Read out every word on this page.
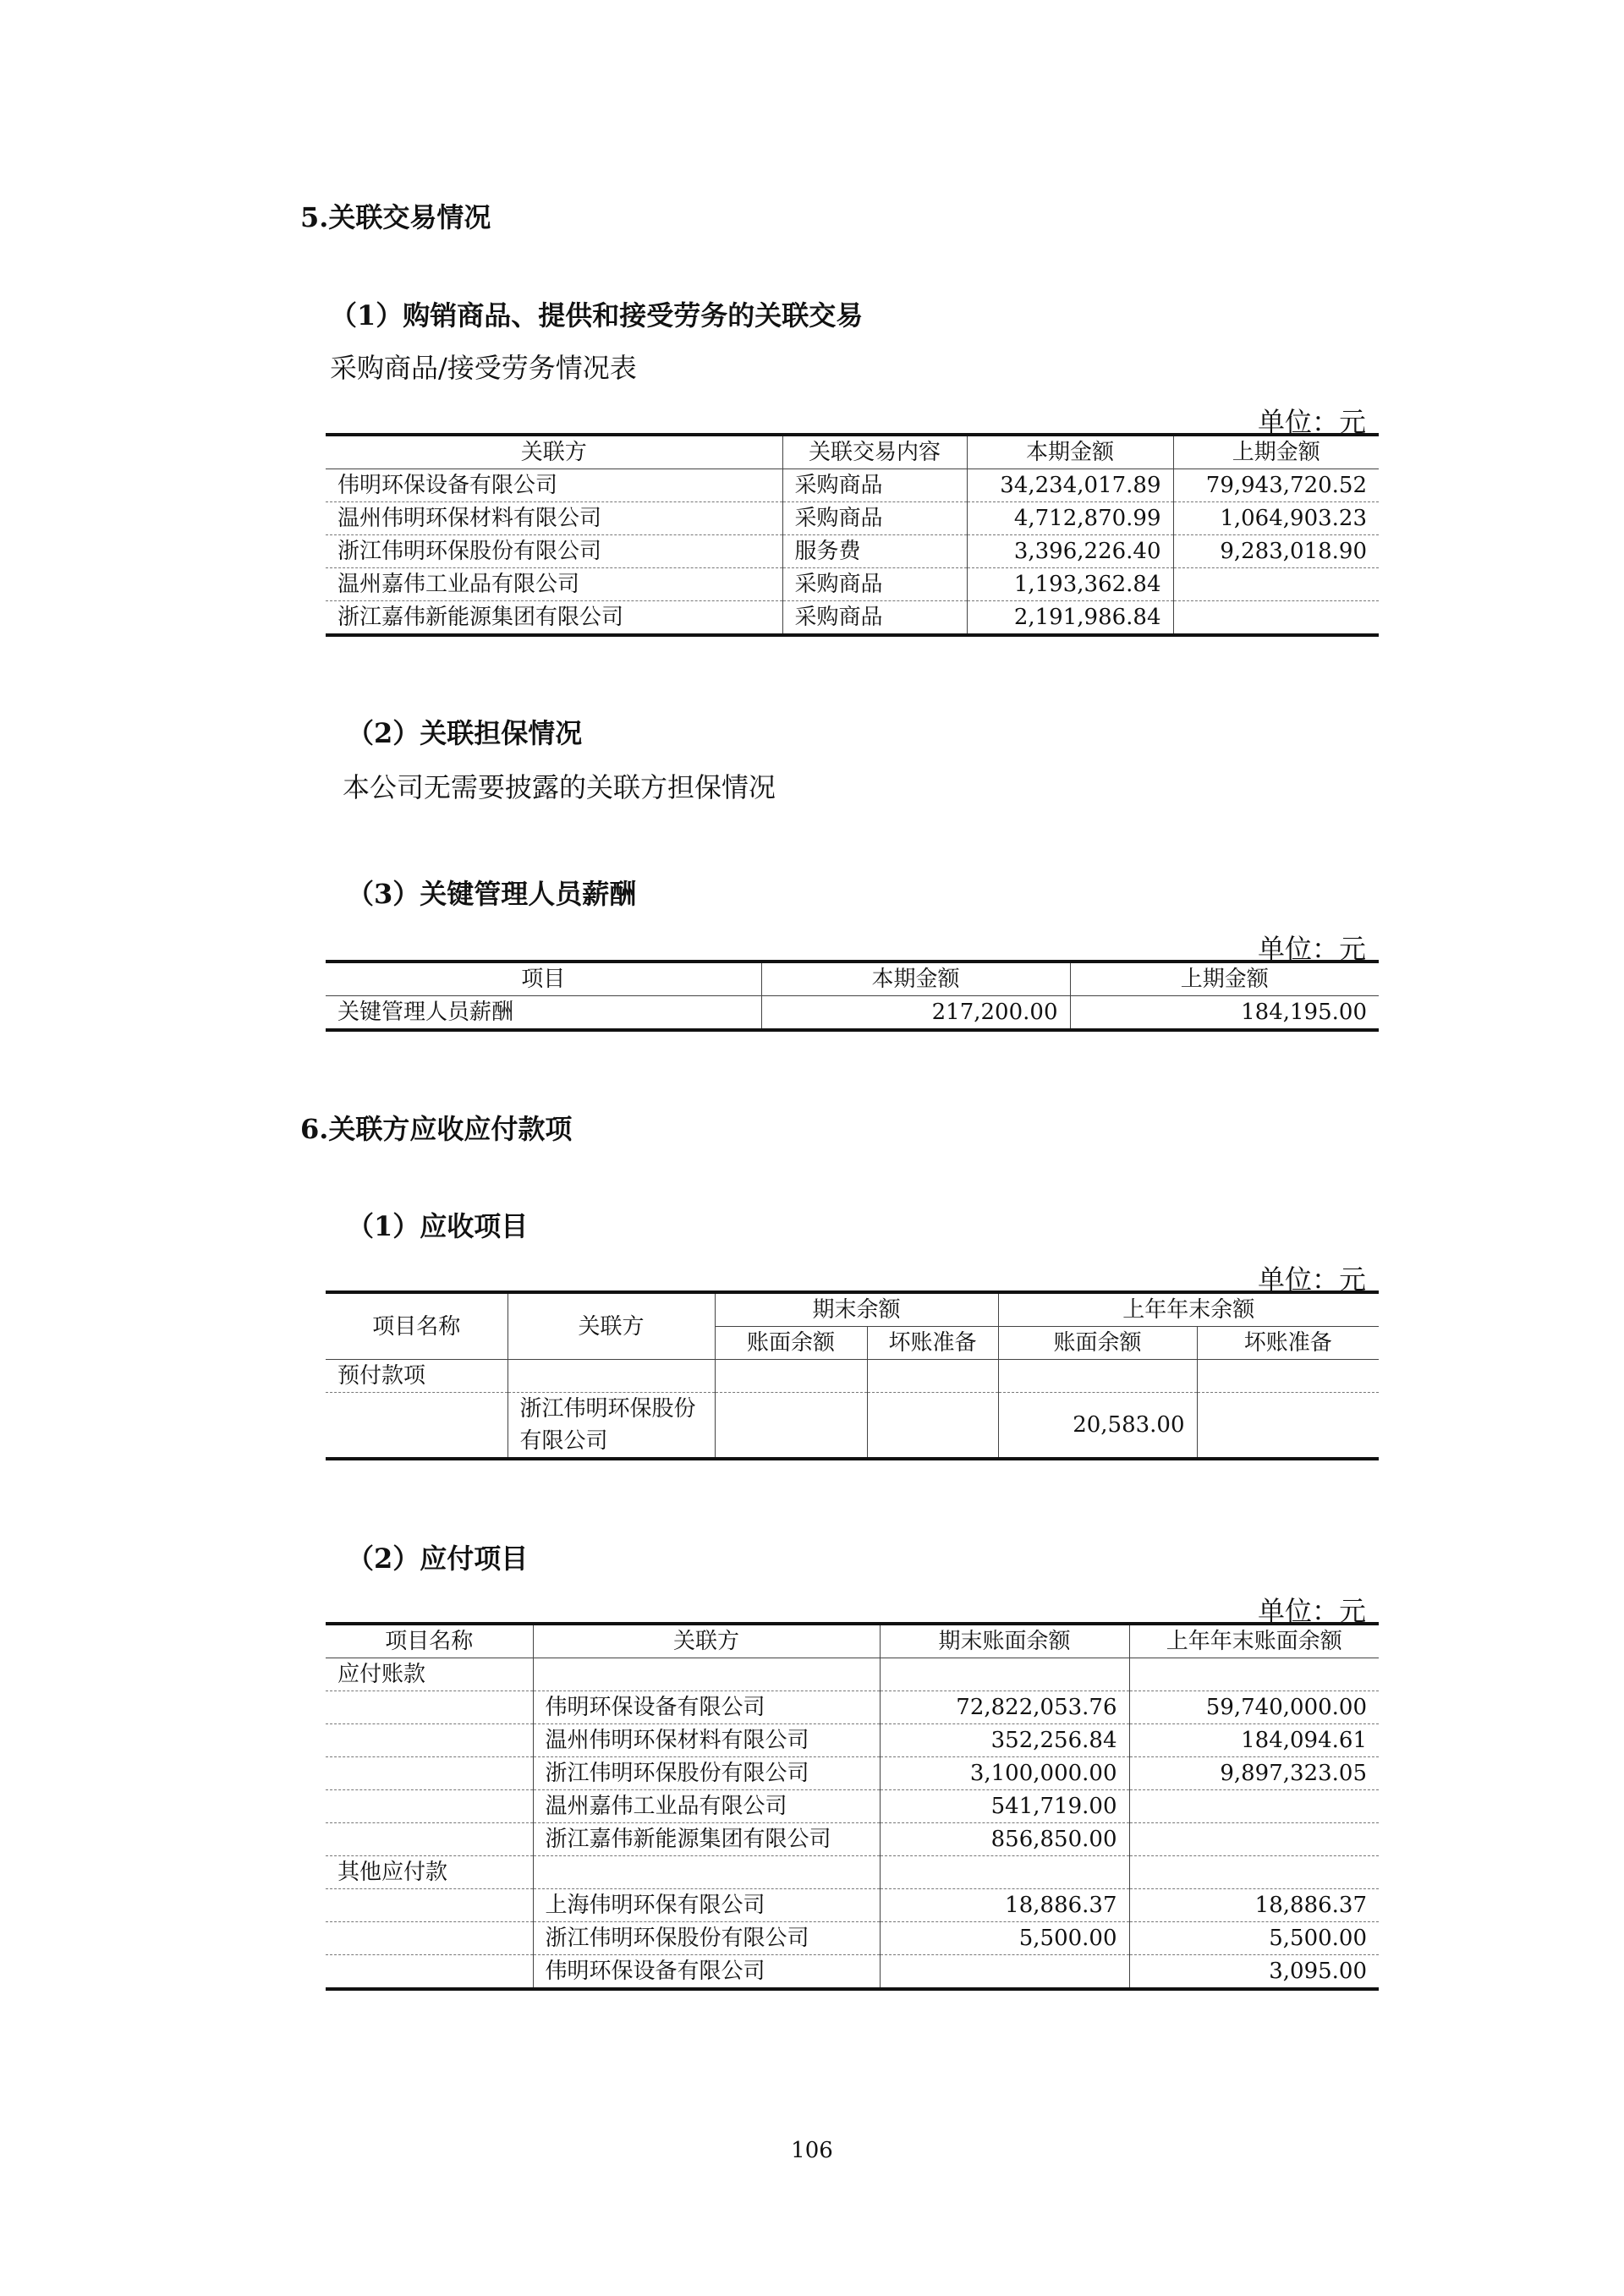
5.关联交易情况
（1）购销商品、提供和接受劳务的关联交易
采购商品/接受劳务情况表
单位：元
关联方	关联交易内容	本期金额	上期金额
伟明环保设备有限公司	采购商品	34,234,017.89	79,943,720.52
温州伟明环保材料有限公司	采购商品	4,712,870.99	1,064,903.23
浙江伟明环保股份有限公司	服务费	3,396,226.40	9,283,018.90
温州嘉伟工业品有限公司	采购商品	1,193,362.84	
浙江嘉伟新能源集团有限公司	采购商品	2,191,986.84	
（2）关联担保情况
本公司无需要披露的关联方担保情况
（3）关键管理人员薪酬
单位：元
项目	本期金额	上期金额
关键管理人员薪酬	217,200.00	184,195.00
6.关联方应收应付款项
（1）应收项目
单位：元
项目名称	关联方	期末余额		上年年末余额	
		账面余额	坏账准备	账面余额	坏账准备
预付款项					
	浙江伟明环保股份有限公司			20,583.00	
（2）应付项目
单位：元
项目名称	关联方	期末账面余额	上年年末账面余额
应付账款			
	伟明环保设备有限公司	72,822,053.76	59,740,000.00
	温州伟明环保材料有限公司	352,256.84	184,094.61
	浙江伟明环保股份有限公司	3,100,000.00	9,897,323.05
	温州嘉伟工业品有限公司	541,719.00	
	浙江嘉伟新能源集团有限公司	856,850.00	
其他应付款			
	上海伟明环保有限公司	18,886.37	18,886.37
	浙江伟明环保股份有限公司	5,500.00	5,500.00
	伟明环保设备有限公司		3,095.00
106
